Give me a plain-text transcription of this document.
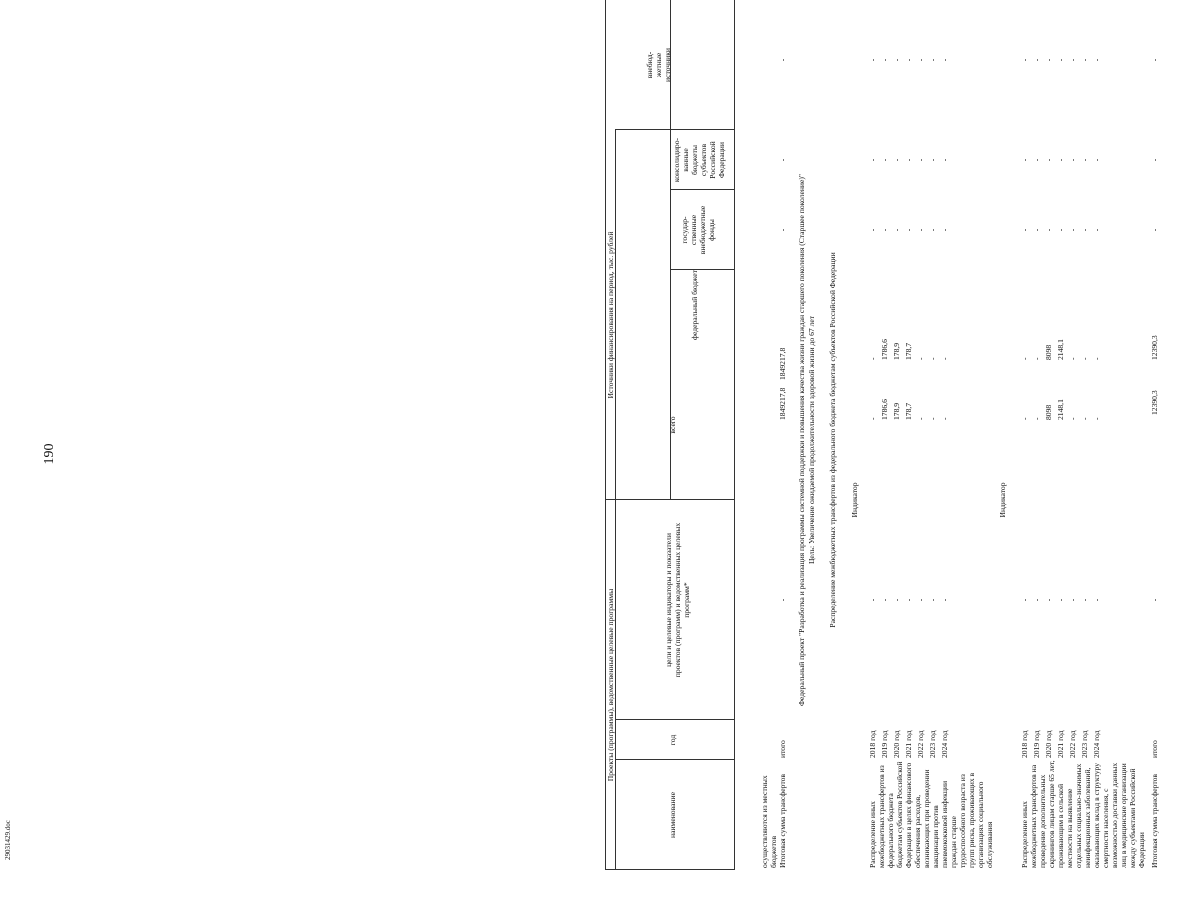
190
Проекты (программы), ведомственные целевые программы
Источники финансирования на период, тыс. рублей
наименование
год
цели и целевые индикаторы и показатели проектов (программ) и ведомственных целевых программ*
всего
федеральный бюджет
государ-
ственные
внебюджетные
фонды
консолидиро-
ванные
бюджеты
субъектов
Российской
Федерации
внебюд-
жетные
источники
осуществляются из местных
бюджетов Итоговая сумма трансфертов
итого
-
1849217,8
1849217,8
-
-
-
Федеральный проект "Разработка и реализация программы системной поддержки и повышения качества жизни граждан старшего поколения (Старшее поколение)" Цель: Увеличение ожидаемой продолжительности здоровой жизни до 67 лет Распределение межбюджетных трансфертов из федерального бюджета бюджетам субъектов Российской Федерации Индикатор
Распределение иных межбюджетных трансфертов из федерального бюджета бюджетам субъектов Российской Федерации в целях финансового обеспечения расходов, возникающих при проведении вакцинации против пневмококковой инфекции граждан старше трудоспособного возраста из групп риска, проживающих в организациях социального обслуживания
Индикатор
Распределение иных межбюджетных трансфертов на проведение дополнительных скринингов лицам старше 65 лет, проживающим в сельской местности на выявление отдельных социально-значимых неинфекционных заболеваний, оказывающих вклад в структуру смертности населения, с возможностью доставки данных лиц в медицинские организации между субъектами Российской Федерации Итоговая сумма трансфертов
итого
-
12390,3
12390,3
-
-
-
2018 год
-
-
-
-
-
-
2019 год
-
1786,6
1786,6
-
-
-
2020 год
-
178,9
178,9
-
-
-
2021 год
-
178,7
178,7
-
-
-
2022 год
-
-
-
-
-
-
2023 год
-
-
-
-
-
-
2024 год
-
-
-
-
-
-
2018 год
-
-
-
-
-
-
2019 год
-
-
-
-
-
-
2020 год
-
8098
8098
-
-
-
2021 год
-
2148,1
2148,1
-
-
-
2022 год
-
-
-
-
-
-
2023 год
-
-
-
-
-
-
2024 год
-
-
-
-
-
-
29031429.doc
